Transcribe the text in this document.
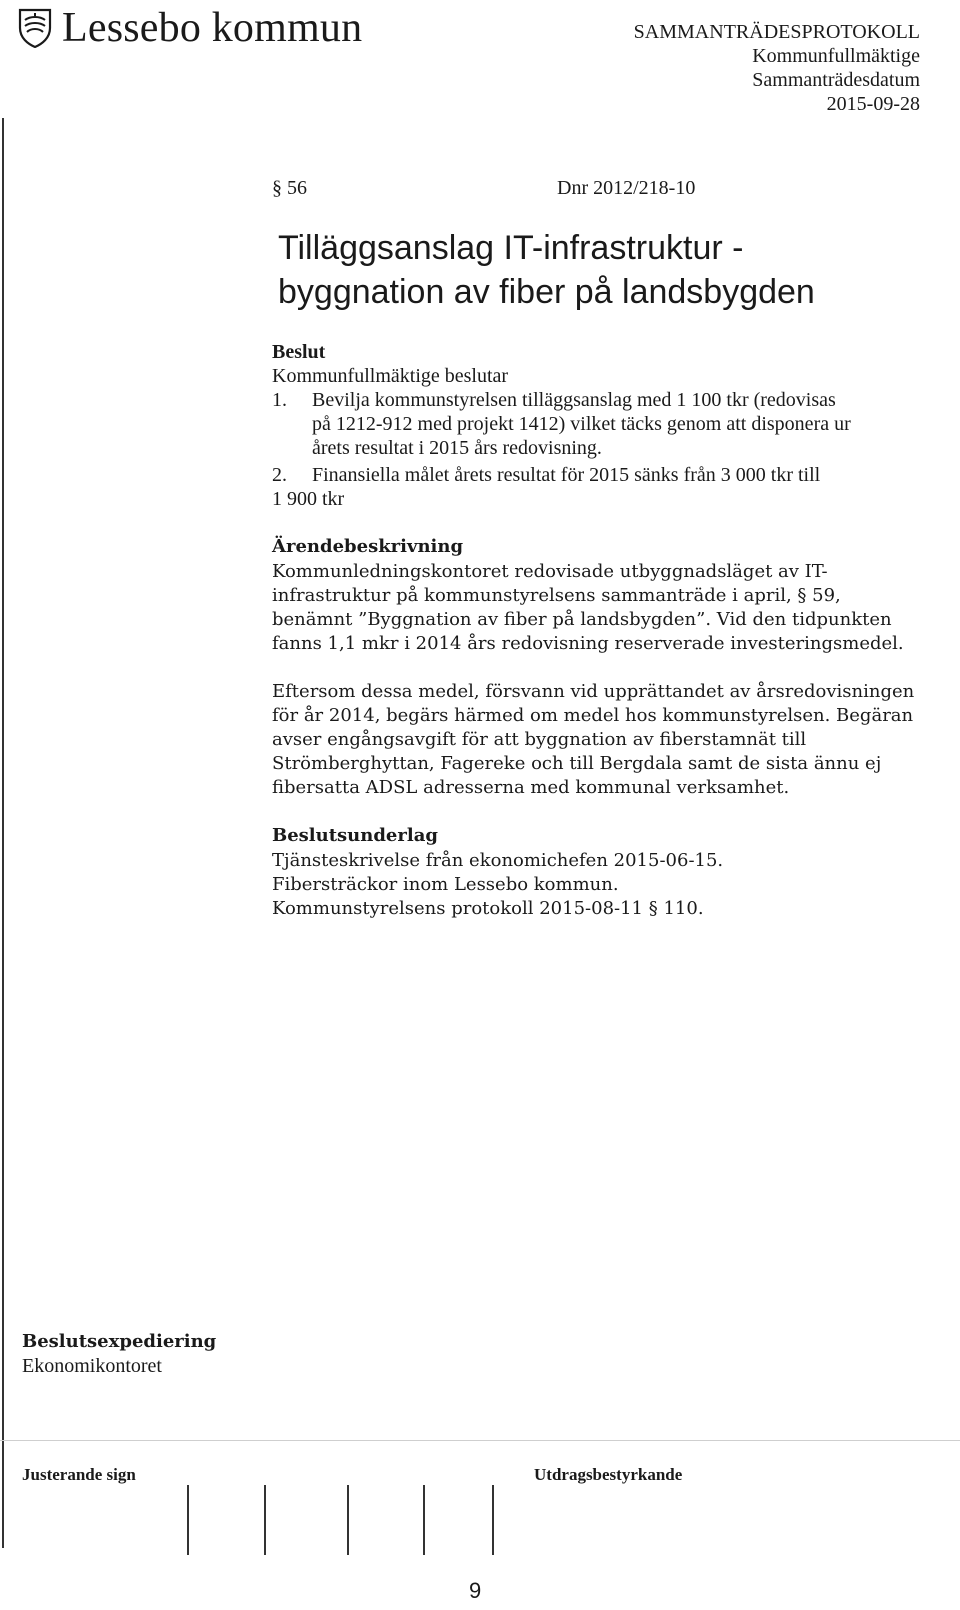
Lessebo kommun	SAMMANTRÄDESPROTOKOLL
Kommunfullmäktige
Sammanträdesdatum
2015-09-28
§ 56	Dnr 2012/218-10
Tilläggsanslag IT-infrastruktur -
byggnation av fiber på landsbygden
Beslut
Kommunfullmäktige beslutar
1. Bevilja kommunstyrelsen tilläggsanslag med 1 100 tkr (redovisas
på 1212-912 med projekt 1412) vilket täcks genom att disponera ur
årets resultat i 2015 års redovisning.
2. Finansiella målet årets resultat för 2015 sänks från 3 000 tkr till
1 900 tkr
Ärendebeskrivning
Kommunledningskontoret redovisade utbyggnadsläget av IT-
infrastruktur på kommunstyrelsens sammanträde i april, § 59,
benämnt ”Byggnation av fiber på landsbygden”. Vid den tidpunkten
fanns 1,1 mkr i 2014 års redovisning reserverade investeringsmedel.
Eftersom dessa medel, försvann vid upprättandet av årsredovisningen
för år 2014, begärs härmed om medel hos kommunstyrelsen. Begäran
avser engångsavgift för att byggnation av fiberstamnät till
Strömberghyttan, Fagereke och till Bergdala samt de sista ännu ej
fibersatta ADSL adresserna med kommunal verksamhet.
Beslutsunderlag
Tjänsteskrivelse från ekonomichefen 2015-06-15.
Fibersträckor inom Lessebo kommun.
Kommunstyrelsens protokoll 2015-08-11 § 110.
Beslutsexpediering
Ekonomikontoret
Justerande sign	Utdragsbestyrkande
9
